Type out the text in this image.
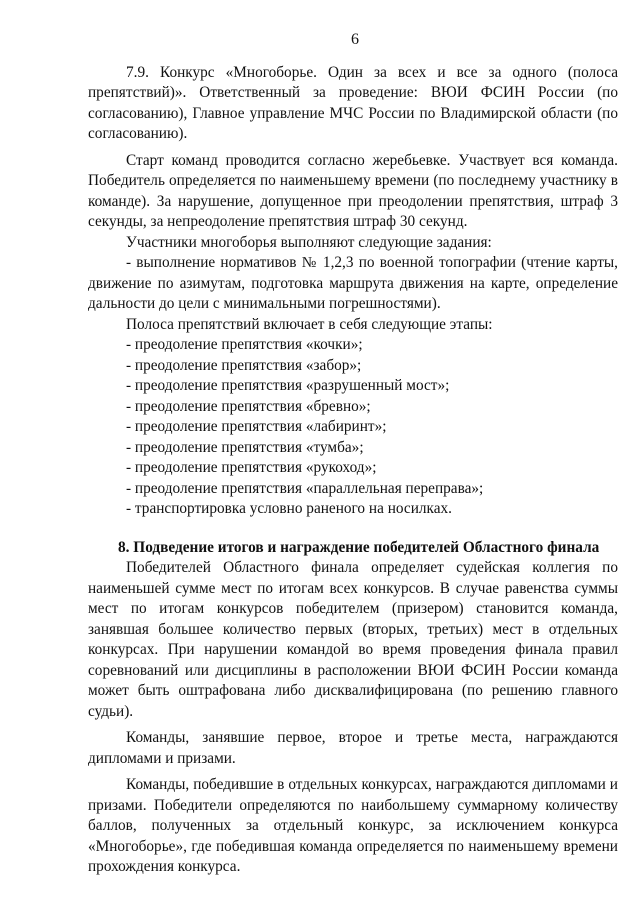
6

7.9. Конкурс «Многоборье. Один за всех и все за одного (полоса препятствий)». Ответственный за проведение: ВЮИ ФСИН России (по согласованию), Главное управление МЧС России по Владимирской области (по согласованию).

Старт команд проводится согласно жеребьевке. Участвует вся команда. Победитель определяется по наименьшему времени (по последнему участнику в команде). За нарушение, допущенное при преодолении препятствия, штраф 3 секунды, за непреодоление препятствия штраф 30 секунд.

Участники многоборья выполняют следующие задания:

- выполнение нормативов № 1,2,3 по военной топографии (чтение карты, движение по азимутам, подготовка маршрута движения на карте, определение дальности до цели с минимальными погрешностями).

Полоса препятствий включает в себя следующие этапы:

- преодоление препятствия «кочки»;

- преодоление препятствия «забор»;

- преодоление препятствия «разрушенный мост»;

- преодоление препятствия «бревно»;

- преодоление препятствия «лабиринт»;

- преодоление препятствия «тумба»;

- преодоление препятствия «рукоход»;

- преодоление препятствия «параллельная переправа»;

- транспортировка условно раненого на носилках.

8. Подведение итогов и награждение победителей Областного финала

Победителей Областного финала определяет судейская коллегия по наименьшей сумме мест по итогам всех конкурсов. В случае равенства суммы мест по итогам конкурсов победителем (призером) становится команда, занявшая большее количество первых (вторых, третьих) мест в отдельных конкурсах. При нарушении командой во время проведения финала правил соревнований или дисциплины в расположении ВЮИ ФСИН России команда может быть оштрафована либо дисквалифицирована (по решению главного судьи).

Команды, занявшие первое, второе и третье места, награждаются дипломами и призами.

Команды, победившие в отдельных конкурсах, награждаются дипломами и призами. Победители определяются по наибольшему суммарному количеству баллов, полученных за отдельный конкурс, за исключением конкурса «Многоборье», где победившая команда определяется по наименьшему времени прохождения конкурса.
